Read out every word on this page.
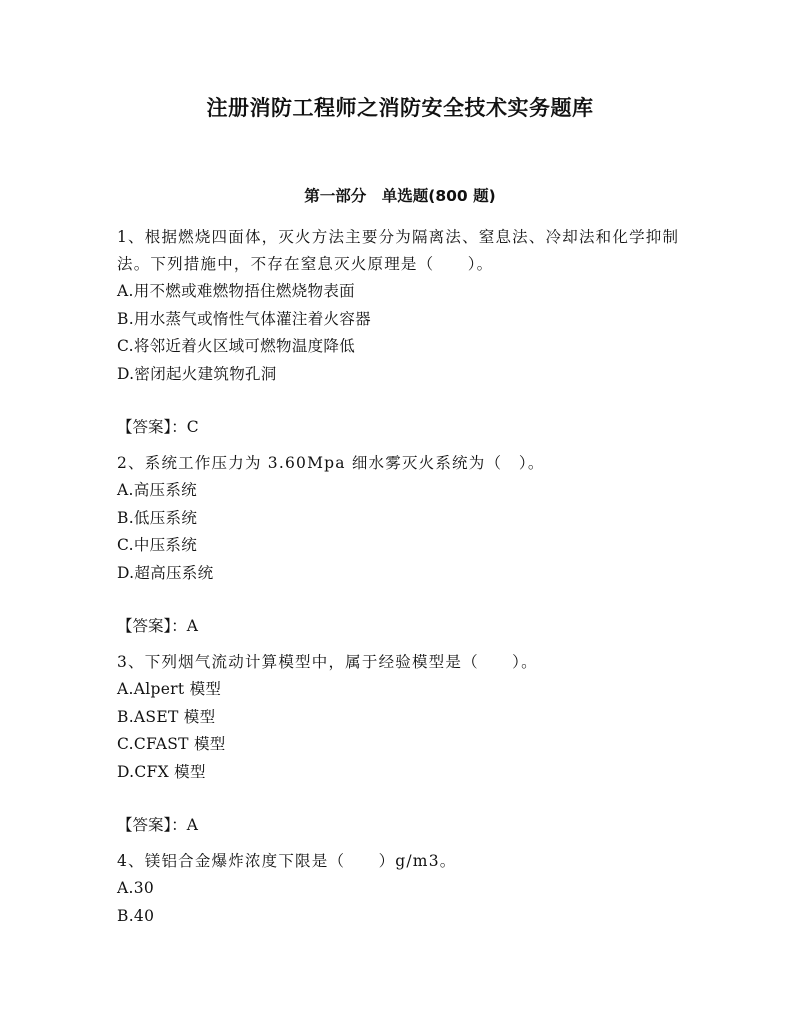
注册消防工程师之消防安全技术实务题库
第一部分　单选题(800 题)

1、根据燃烧四面体，灭火方法主要分为隔离法、窒息法、冷却法和化学抑制法。下列措施中，不存在窒息灭火原理是（　　）。

A.用不燃或难燃物捂住燃烧物表面

B.用水蒸气或惰性气体灌注着火容器

C.将邻近着火区域可燃物温度降低

D.密闭起火建筑物孔洞

【答案】：C

2、系统工作压力为 3.60Mpa 细水雾灭火系统为（　）。

A.高压系统

B.低压系统

C.中压系统

D.超高压系统

【答案】：A

3、下列烟气流动计算模型中，属于经验模型是（　　）。

A.Alpert 模型

B.ASET 模型

C.CFAST 模型

D.CFX 模型

【答案】：A

4、镁铝合金爆炸浓度下限是（　　）g/m3。

A.30

B.40
